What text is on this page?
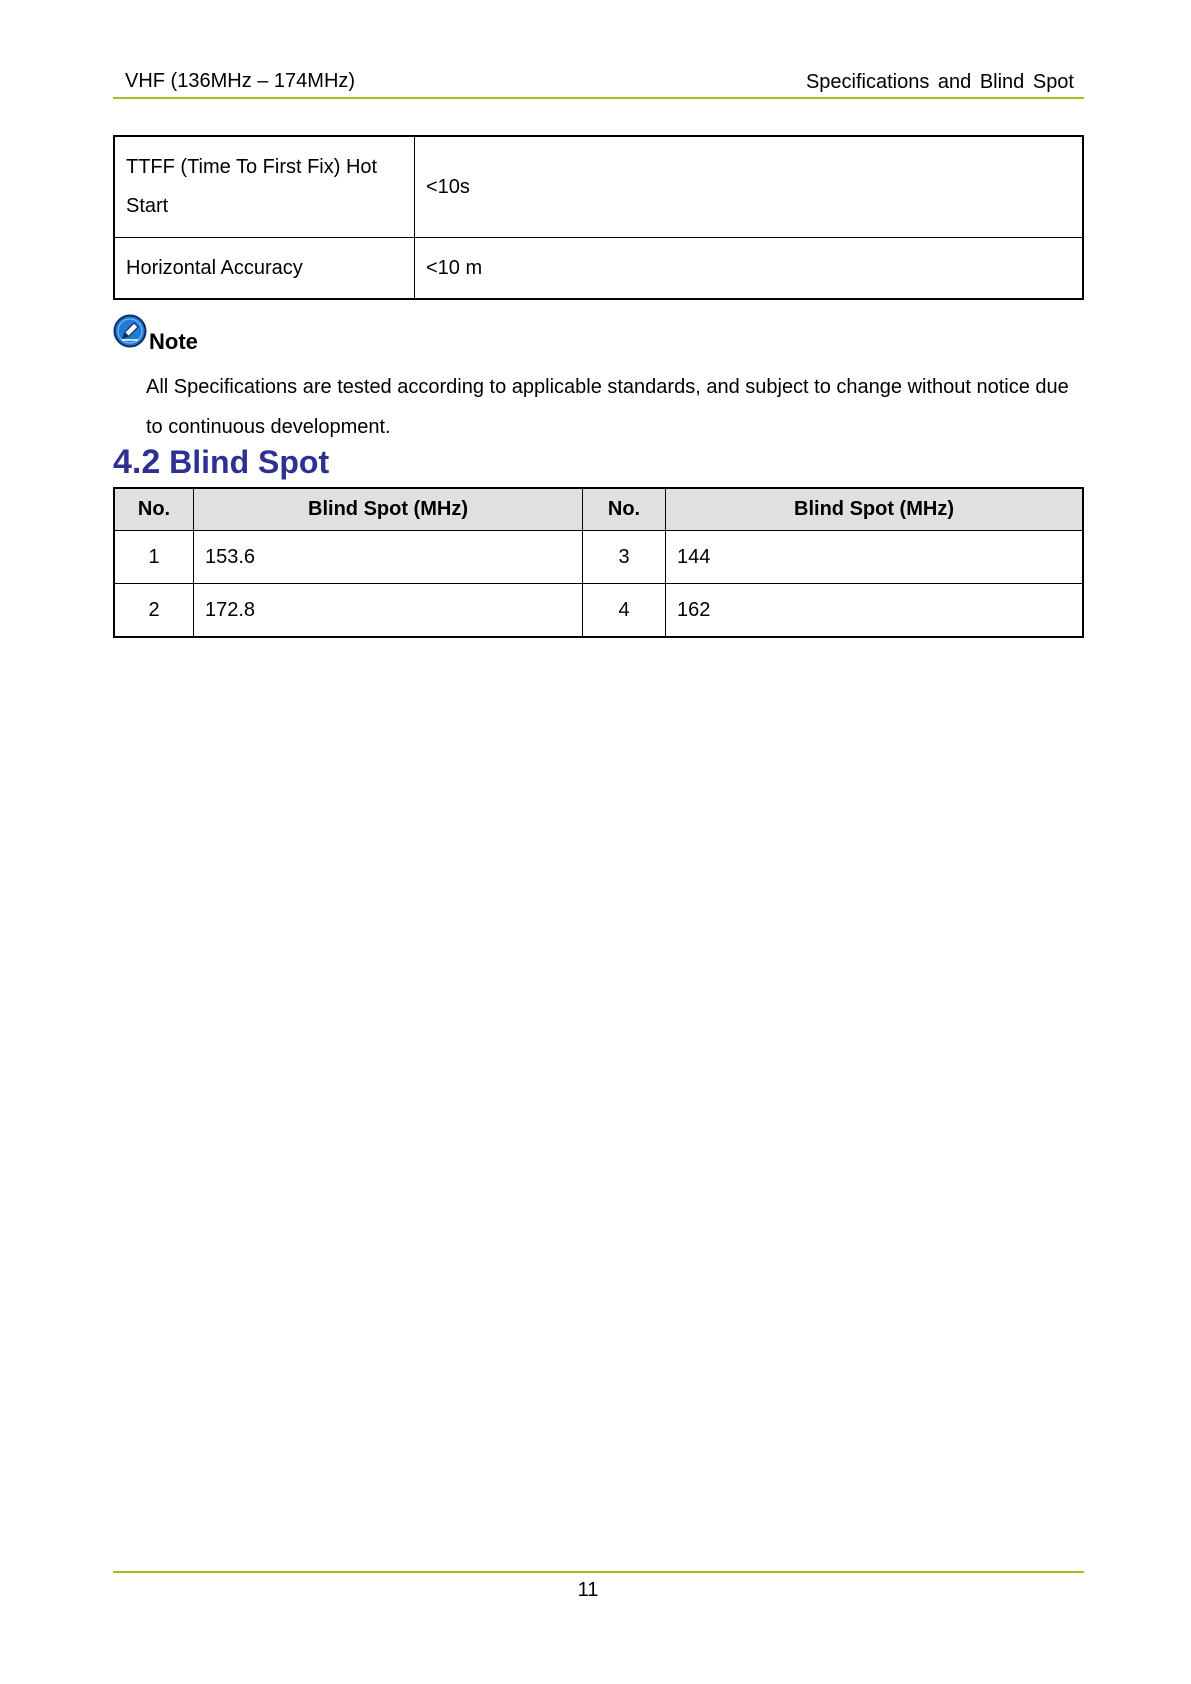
VHF (136MHz – 174MHz)	Specifications and Blind Spot
TTFF (Time To First Fix) Hot Start	<10s
Horizontal Accuracy	<10 m
Note
All Specifications are tested according to applicable standards, and subject to change without notice due to continuous development.
4.2 Blind Spot
No.	Blind Spot (MHz)	No.	Blind Spot (MHz)
1	153.6	3	144
2	172.8	4	162
11
